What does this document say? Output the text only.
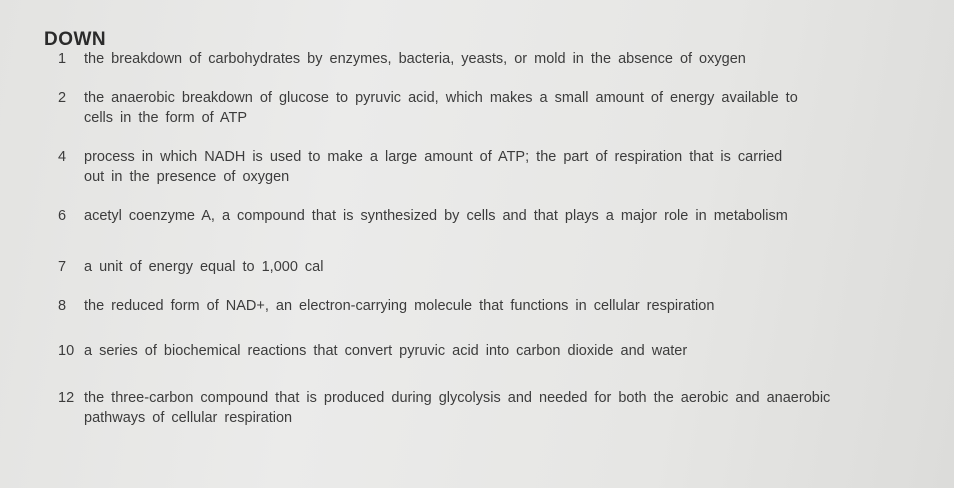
DOWN
1 the breakdown of carbohydrates by enzymes, bacteria, yeasts, or mold in the absence of oxygen
2 the anaerobic breakdown of glucose to pyruvic acid, which makes a small amount of energy available to
cells in the form of ATP
4 process in which NADH is used to make a large amount of ATP; the part of respiration that is carried
out in the presence of oxygen
6 acetyl coenzyme A, a compound that is synthesized by cells and that plays a major role in metabolism
7 a unit of energy equal to 1,000 cal
8 the reduced form of NAD+, an electron-carrying molecule that functions in cellular respiration
10 a series of biochemical reactions that convert pyruvic acid into carbon dioxide and water
12 the three-carbon compound that is produced during glycolysis and needed for both the aerobic and anaerobic
pathways of cellular respiration
